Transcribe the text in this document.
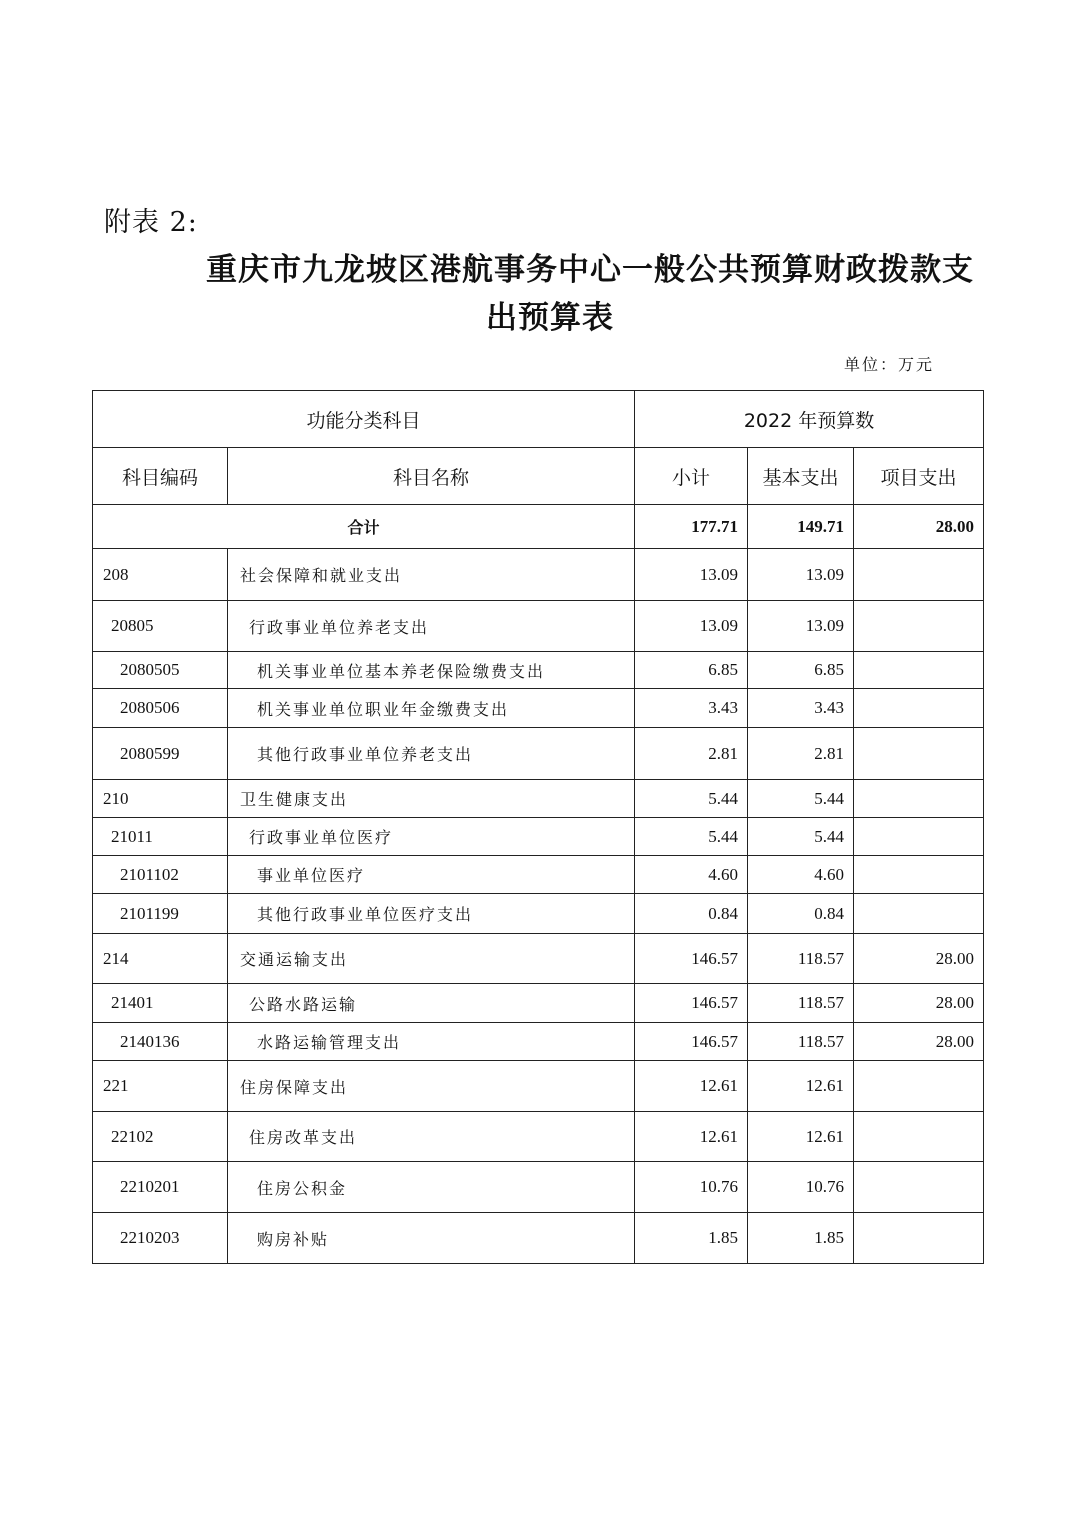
附表 2:
重庆市九龙坡区港航事务中心一般公共预算财政拨款支
出预算表
单位：万元
功能分类科目		2022 年预算数		
科目编码	科目名称	小计	基本支出	项目支出
合计		177.71	149.71	28.00
208	社会保障和就业支出	13.09	13.09	
20805	行政事业单位养老支出	13.09	13.09	
2080505	机关事业单位基本养老保险缴费支出	6.85	6.85	
2080506	机关事业单位职业年金缴费支出	3.43	3.43	
2080599	其他行政事业单位养老支出	2.81	2.81	
210	卫生健康支出	5.44	5.44	
21011	行政事业单位医疗	5.44	5.44	
2101102	事业单位医疗	4.60	4.60	
2101199	其他行政事业单位医疗支出	0.84	0.84	
214	交通运输支出	146.57	118.57	28.00
21401	公路水路运输	146.57	118.57	28.00
2140136	水路运输管理支出	146.57	118.57	28.00
221	住房保障支出	12.61	12.61	
22102	住房改革支出	12.61	12.61	
2210201	住房公积金	10.76	10.76	
2210203	购房补贴	1.85	1.85	
